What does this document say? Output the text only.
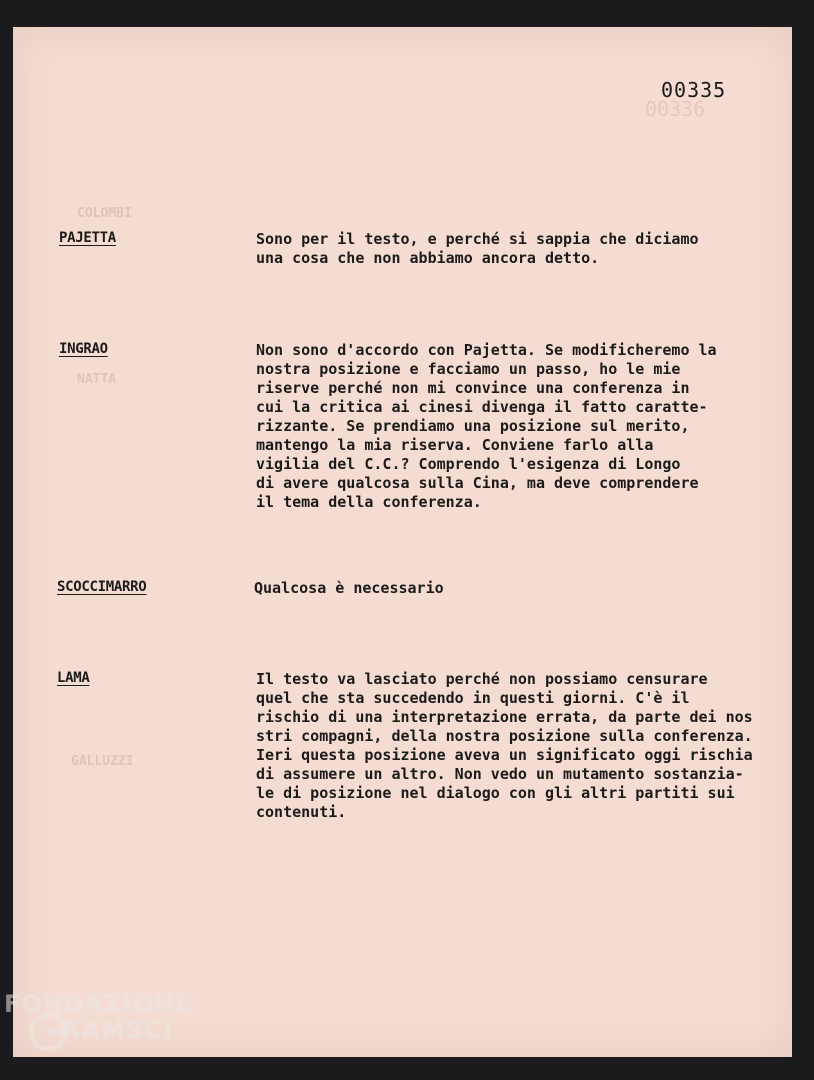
00336
COLOMBI
NATTA
GALLUZZI
00335
PAJETTA	Sono per il testo, e perché si sappia che diciamo
una cosa che non abbiamo ancora detto.
INGRAO	Non sono d'accordo con Pajetta. Se modificheremo la
nostra posizione e facciamo un passo, ho le mie
riserve perché non mi convince una conferenza in
cui la critica ai cinesi divenga il fatto caratte-
rizzante. Se prendiamo una posizione sul merito,
mantengo la mia riserva. Conviene farlo alla
vigilia del C.C.? Comprendo l'esigenza di Longo
di avere qualcosa sulla Cina, ma deve comprendere
il tema della conferenza.
SCOCCIMARRO	Qualcosa è necessario
LAMA	Il testo va lasciato perché non possiamo censurare
quel che sta succedendo in questi giorni. C'è il
rischio di una interpretazione errata, da parte dei nos
stri compagni, della nostra posizione sulla conferenza.
Ieri questa posizione aveva un significato oggi rischia
di assumere un altro. Non vedo un mutamento sostanzia-
le di posizione nel dialogo con gli altri partiti sui
contenuti.
FONDAZIONE
RAMSCI
Onlus
